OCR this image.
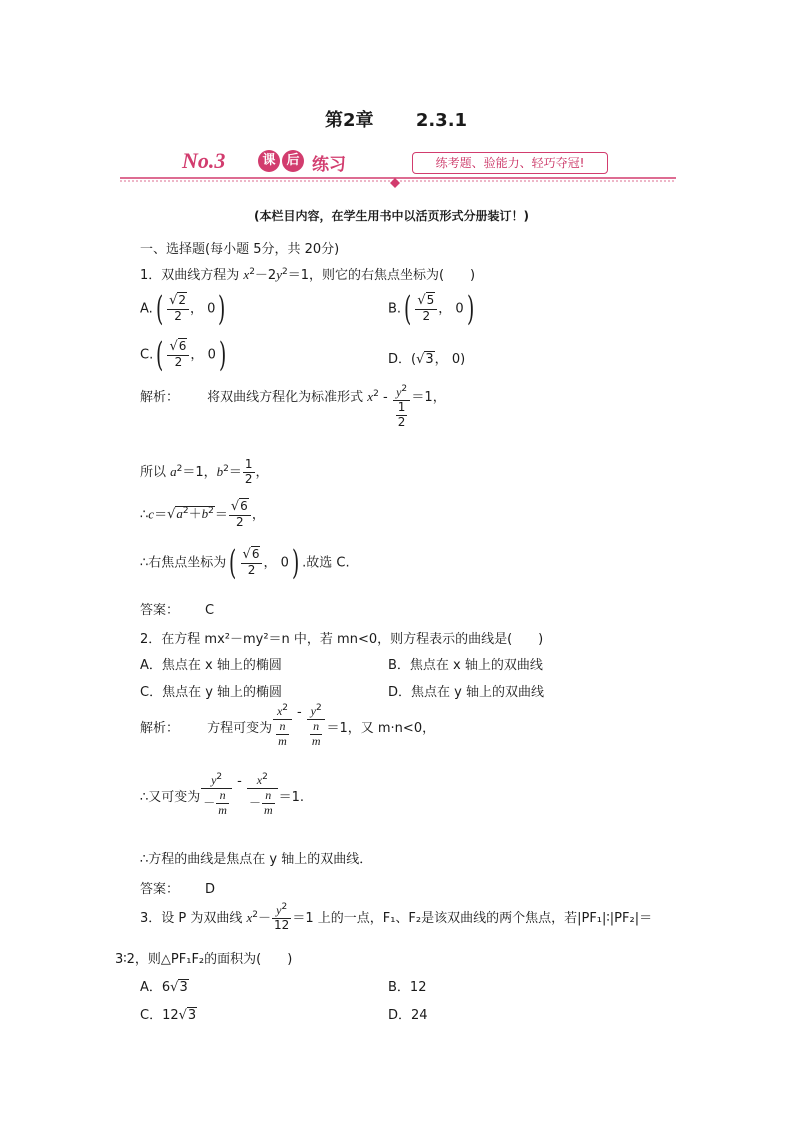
第2章 2.3.1
No.3	课 后 练习	练考题、验能力、轻巧夺冠!
(本栏目内容，在学生用书中以活页形式分册装订！)
一、选择题(每小题 5分，共 20分)
1．双曲线方程为 $x^2-2y^2=1$，则它的右焦点坐标为(　　)
$A.( \frac{√2}{2}$ ， 0)	$B.( \frac{√5}{2}$ ， 0)
$C.( \frac{√6}{2}$ ， 0)	D．(√3， 0)
解析： 将双曲线方程化为标准形式 $x^2 - \frac{y^2}{\frac{1}{2}} =1$，
所以 $a^2=1$，$b^2= \frac{1}{2}$ ，
$\therefore c=√a^2+b^2= \frac{√6}{2}$ ，
∴右焦点坐标为( $\frac{√6}{2}$ ， 0) .故选 C.
答案： C
2．在方程 mx²－my²＝n 中，若 mn<0，则方程表示的曲线是(　　)
A．焦点在 x 轴上的椭圆	B．焦点在 x 轴上的双曲线
C．焦点在 y 轴上的椭圆	D．焦点在 y 轴上的双曲线
解析： 方程可变为 $\frac{x^2}{\frac{n}{m}} - \frac{y^2}{\frac{n}{m}} =1$，又 m·n<0，
∴又可变为 $\frac{y^2}{- \frac{n}{m}} - \frac{x^2}{- \frac{n}{m}} =1$.
∴方程的曲线是焦点在 y 轴上的双曲线．
答案： D
3．设 P 为双曲线 $x^2- \frac{y^2}{12} =1$ 上的一点，F₁、F₂是该双曲线的两个焦点，若|PF₁|∶|PF₂|＝
3∶2，则△PF₁F₂的面积为(　　)
A．6√3	B．12
C．12√3	D．24
